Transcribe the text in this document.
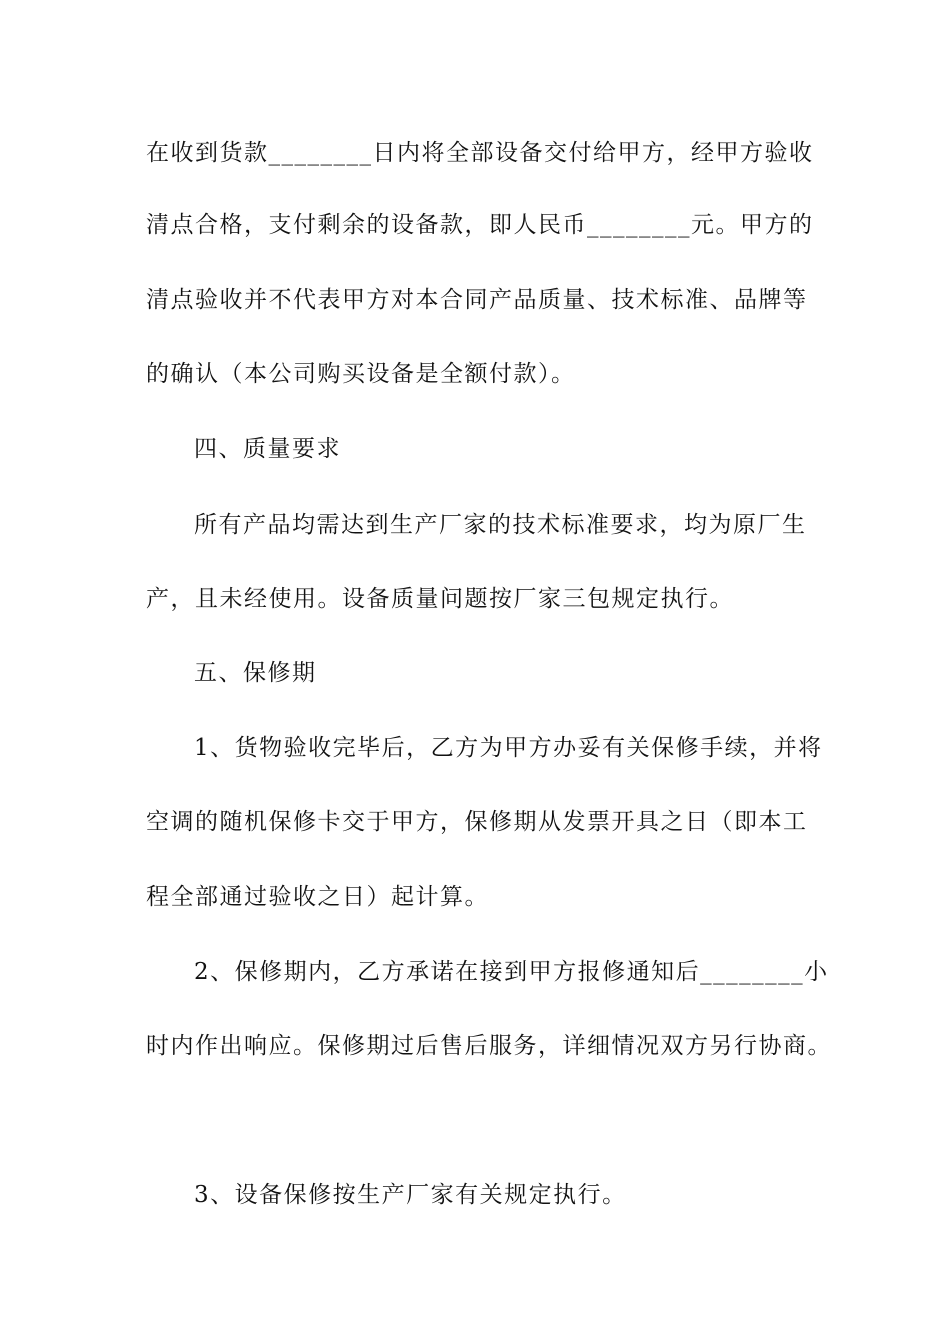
在收到货款________日内将全部设备交付给甲方，经甲方验收
清点合格，支付剩余的设备款，即人民币________元。甲方的
清点验收并不代表甲方对本合同产品质量、技术标准、品牌等
的确认（本公司购买设备是全额付款）。
四、质量要求
所有产品均需达到生产厂家的技术标准要求，均为原厂生
产，且未经使用。设备质量问题按厂家三包规定执行。
五、保修期
1、货物验收完毕后，乙方为甲方办妥有关保修手续，并将
空调的随机保修卡交于甲方，保修期从发票开具之日（即本工
程全部通过验收之日）起计算。
2、保修期内，乙方承诺在接到甲方报修通知后________小
时内作出响应。保修期过后售后服务，详细情况双方另行协商。
3、设备保修按生产厂家有关规定执行。
